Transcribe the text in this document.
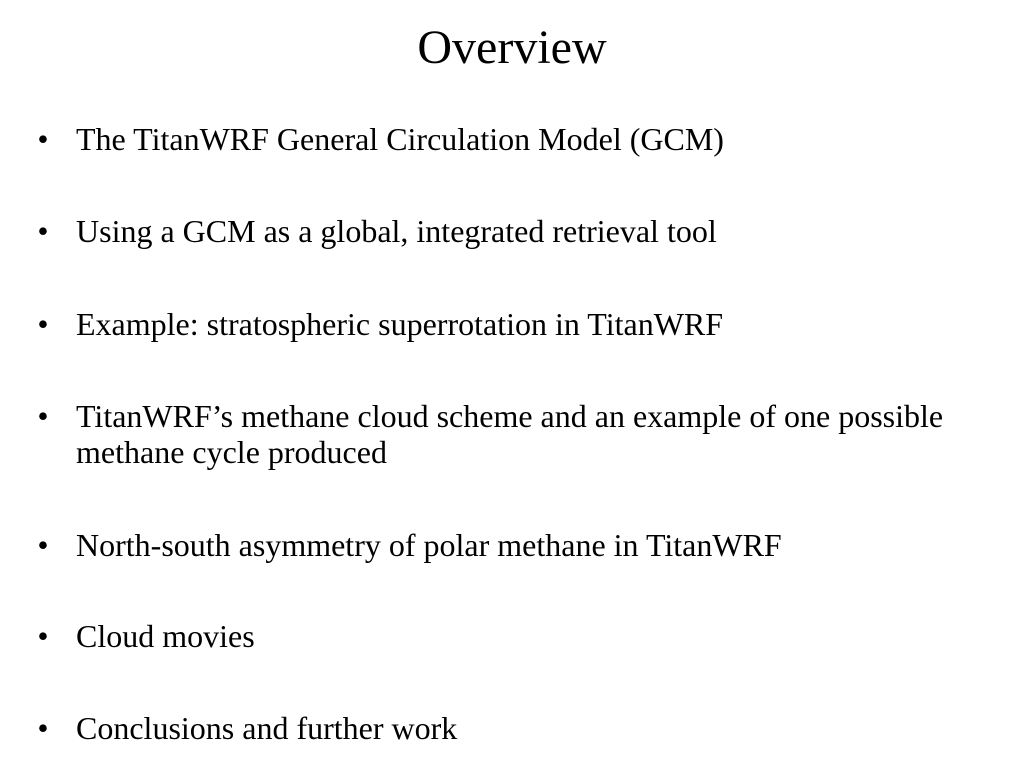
Overview
• The TitanWRF General Circulation Model (GCM)
• Using a GCM as a global, integrated retrieval tool
• Example: stratospheric superrotation in TitanWRF
• TitanWRF’s methane cloud scheme and an example of one possible methane cycle produced
• North-south asymmetry of polar methane in TitanWRF
• Cloud movies
• Conclusions and further work
